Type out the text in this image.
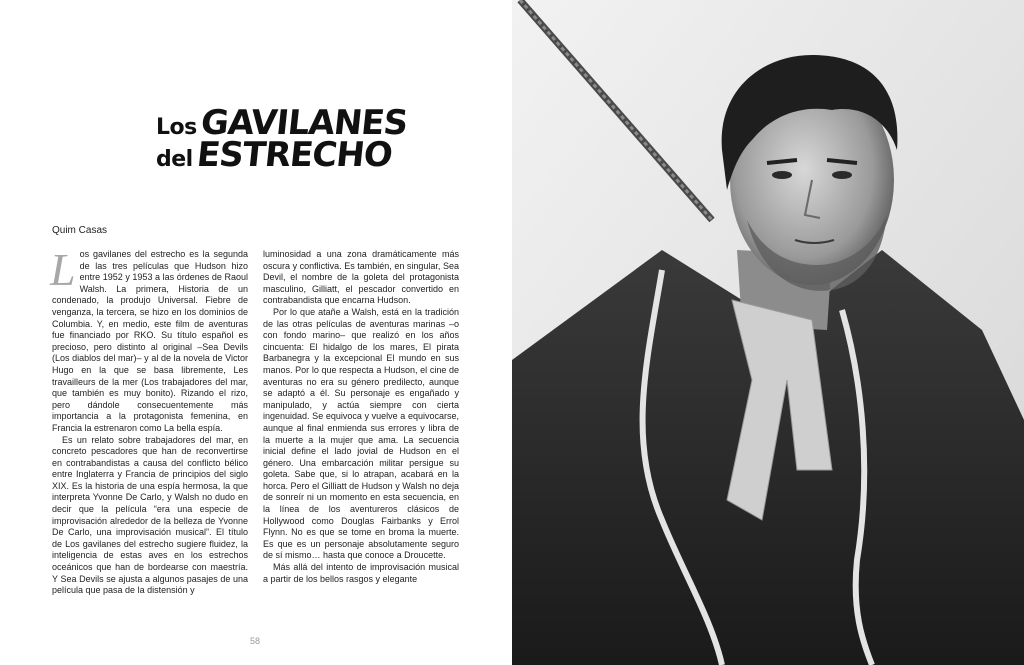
Los GAVILANES
del ESTRECHO
Quim Casas

Los gavilanes del estrecho es la segunda de las tres películas que Hudson hizo entre 1952 y 1953 a las órdenes de Raoul Walsh. La primera, Historia de un condenado, la produjo Universal. Fiebre de venganza, la tercera, se hizo en los dominios de Columbia. Y, en medio, este film de aventuras fue financiado por RKO. Su título español es precioso, pero distinto al original –Sea Devils (Los diablos del mar)– y al de la novela de Victor Hugo en la que se basa libremente, Les travailleurs de la mer (Los trabajadores del mar, que también es muy bonito). Rizando el rizo, pero dándole consecuentemente más importancia a la protagonista femenina, en Francia la estrenaron como La bella espía.

Es un relato sobre trabajadores del mar, en concreto pescadores que han de reconvertirse en contrabandistas a causa del conflicto bélico entre Inglaterra y Francia de principios del siglo XIX. Es la historia de una espía hermosa, la que interpreta Yvonne De Carlo, y Walsh no dudo en decir que la película “era una especie de improvisación alrededor de la belleza de Yvonne De Carlo, una improvisación musical”. El título de Los gavilanes del estrecho sugiere fluidez, la inteligencia de estas aves en los estrechos oceánicos que han de bordearse con maestría. Y Sea Devils se ajusta a algunos pasajes de una película que pasa de la distensión y

luminosidad a una zona dramáticamente más oscura y conflictiva. Es también, en singular, Sea Devil, el nombre de la goleta del protagonista masculino, Gilliatt, el pescador convertido en contrabandista que encarna Hudson.

Por lo que atañe a Walsh, está en la tradición de las otras películas de aventuras marinas –o con fondo marino– que realizó en los años cincuenta: El hidalgo de los mares, El pirata Barbanegra y la excepcional El mundo en sus manos. Por lo que respecta a Hudson, el cine de aventuras no era su género predilecto, aunque se adaptó a él. Su personaje es engañado y manipulado, y actúa siempre con cierta ingenuidad. Se equivoca y vuelve a equivocarse, aunque al final enmienda sus errores y libra de la muerte a la mujer que ama. La secuencia inicial define el lado jovial de Hudson en el género. Una embarcación militar persigue su goleta. Sabe que, si lo atrapan, acabará en la horca. Pero el Gilliatt de Hudson y Walsh no deja de sonreír ni un momento en esta secuencia, en la línea de los aventureros clásicos de Hollywood como Douglas Fairbanks y Errol Flynn. No es que se tome en broma la muerte. Es que es un personaje absolutamente seguro de sí mismo… hasta que conoce a Droucette.

Más allá del intento de improvisación musical a partir de los bellos rasgos y elegante

58
